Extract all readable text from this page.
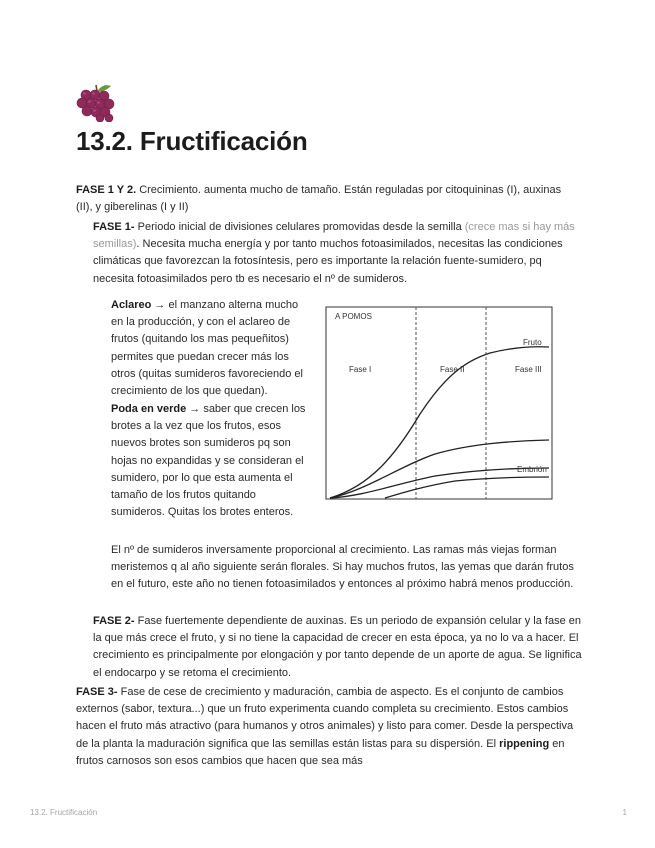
13.2. Fructificación

FASE 1 Y 2. Crecimiento. aumenta mucho de tamaño. Están reguladas por citoquininas (I), auxinas (II), y giberelinas (I y II)

FASE 1- Periodo inicial de divisiones celulares promovidas desde la semilla (crece mas si hay más semillas). Necesita mucha energía y por tanto muchos fotoasimilados, necesitas las condiciones climáticas que favorezcan la fotosíntesis, pero es importante la relación fuente-sumidero, pq necesita fotoasimilados pero tb es necesario el nº de sumideros.

Aclareo → el manzano alterna mucho en la producción, y con el aclareo de frutos (quitando los mas pequeñitos) permites que puedan crecer más los otros (quitas sumideros favoreciendo el crecimiento de los que quedan).

Poda en verde → saber que crecen los brotes a la vez que los frutos, esos nuevos brotes son sumideros pq son hojas no expandidas y se consideran el sumidero, por lo que esta aumenta el tamaño de los frutos quitando sumideros. Quitas los brotes enteros.

A POMOS
Fase I	Fase II	Fase III
Fruto
Embrión

El nº de sumideros inversamente proporcional al crecimiento. Las ramas más viejas forman meristemos q al año siguiente serán florales. Si hay muchos frutos, las yemas que darán frutos en el futuro, este año no tienen fotoasimilados y entonces al próximo habrá menos producción.

FASE 2- Fase fuertemente dependiente de auxinas. Es un periodo de expansión celular y la fase en la que más crece el fruto, y si no tiene la capacidad de crecer en esta época, ya no lo va a hacer. El crecimiento es principalmente por elongación y por tanto depende de un aporte de agua. Se lignifica el endocarpo y se retoma el crecimiento.

FASE 3- Fase de cese de crecimiento y maduración, cambia de aspecto. Es el conjunto de cambios externos (sabor, textura...) que un fruto experimenta cuando completa su crecimiento. Estos cambios hacen el fruto más atractivo (para humanos y otros animales) y listo para comer. Desde la perspectiva de la planta la maduración significa que las semillas están listas para su dispersión. El rippening en frutos carnosos son esos cambios que hacen que sea más

13.2. Fructificación	1
